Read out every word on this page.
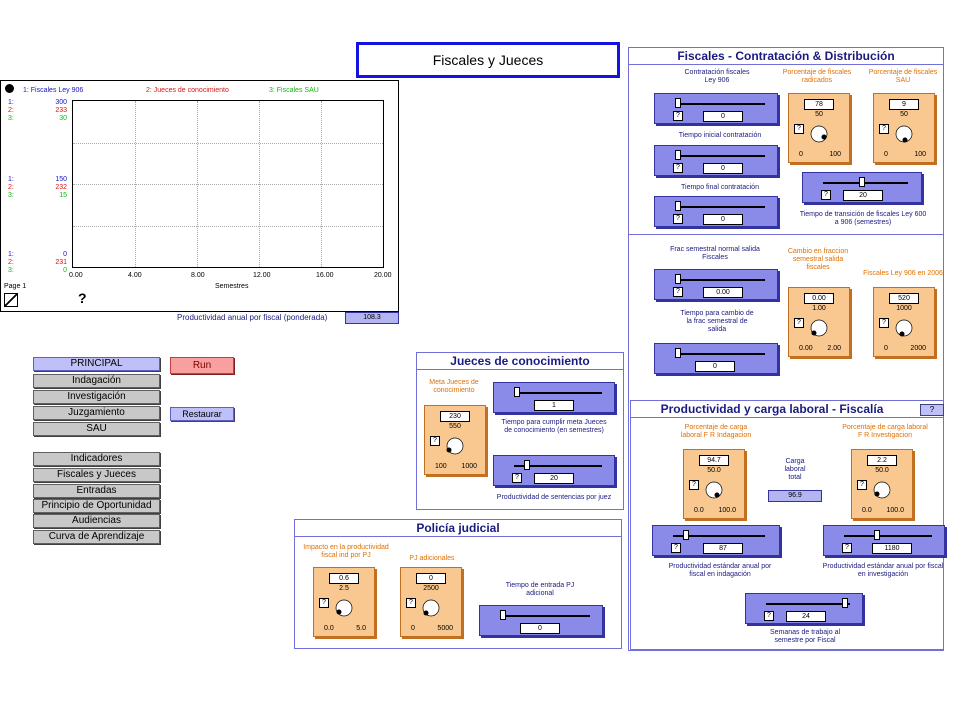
Fiscales y Jueces
1: Fiscales Ley 906	2: Jueces de conocimiento	3: Fiscales SAU
1:
2:
3:
300
233
30
1:
2:
3:
150
232
15
1:
2:
3:
0
231
0
0.00	4.00	8.00	12.00	16.00	20.00
Semestres
Page 1
?
Productividad anual por fiscal (ponderada)	108.3
PRINCIPAL
Indagación
Investigación
Juzgamiento
SAU
Indicadores
Fiscales y Jueces
Entradas
Principio de Oportunidad
Audiencias
Curva de Aprendizaje
Run
Restaurar
Fiscales - Contratación & Distribución
Contratación fiscales Ley 906
?	0
Tiempo inicial contratación
?	0
Tiempo final contratación
?	0
Porcentaje de fiscales radicados
78
50
?
0	100
Porcentaje de fiscales SAU
9
50
?
0	100
?	20
Tiempo de transición de fiscales Ley 600 a 906 (semestres)
Frac semestral normal salida Fiscales
?	0.00
Tiempo para cambio de la frac semestral de salida
0
Cambio en fraccion semestral salida fiscales
0.00
1.00
?
0.00 2.00
Fiscales Ley 906 en 2006
520
1000
?
0	2000
Productividad y carga laboral - Fiscalía	?
Porcentaje de carga laboral F R Indagacion
94.7
50.0
?
0.0 100.0
Porcentaje de carga laboral F R Investigacion
2.2
50.0
?
0.0 100.0
Carga laboral total
96.9
?	87
Productividad estándar anual por fiscal en indagación
?	1180
Productividad estándar anual por fiscal en investigación
?	24
Semanas de trabajo al semestre por Fiscal
Jueces de conocimiento
Meta Jueces de conocimiento
230
550
?
100 1000
1
Tiempo para cumplir meta Jueces de conocimiento (en semestres)
?	20
Productividad de sentencias por juez
Policía judicial
Impacto en la productividad fiscal ind por PJ
0.6
2.5
?
0.0	5.0
PJ adicionales
0
2500
?
0	5000
Tiempo de entrada PJ adicional
0
